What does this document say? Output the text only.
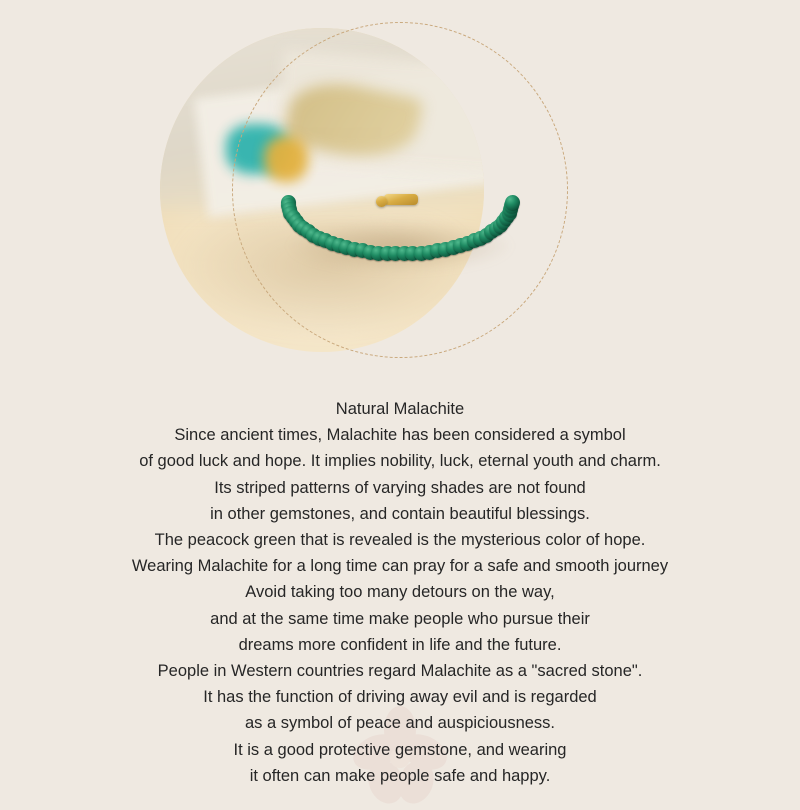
Natural Malachite
Since ancient times, Malachite has been considered a symbol
of good luck and hope. It implies nobility, luck, eternal youth and charm.
Its striped patterns of varying shades are not found
in other gemstones, and contain beautiful blessings.
The peacock green that is revealed is the mysterious color of hope.
Wearing Malachite for a long time can pray for a safe and smooth journey
Avoid taking too many detours on the way,
and at the same time make people who pursue their
dreams more confident in life and the future.
People in Western countries regard Malachite as a "sacred stone".
It has the function of driving away evil and is regarded
as a symbol of peace and auspiciousness.
It is a good protective gemstone, and wearing
it often can make people safe and happy.
